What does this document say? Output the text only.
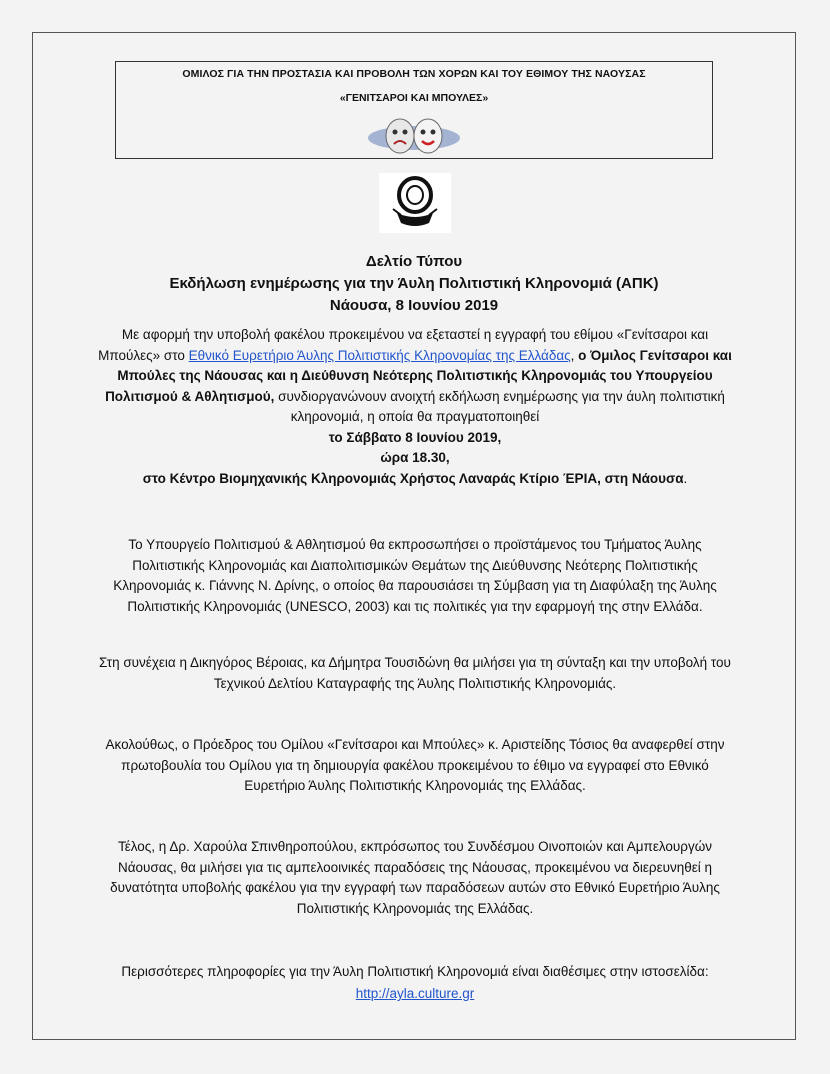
ΟΜΙΛΟΣ ΓΙΑ ΤΗΝ ΠΡΟΣΤΑΣΙΑ ΚΑΙ ΠΡΟΒΟΛΗ ΤΩΝ ΧΟΡΩΝ ΚΑΙ ΤΟΥ ΕΘΙΜΟΥ ΤΗΣ ΝΑΟΥΣΑΣ
«ΓΕΝΙΤΣΑΡΟΙ ΚΑΙ ΜΠΟΥΛΕΣ»
Δελτίο Τύπου
Εκδήλωση ενημέρωσης για την Άυλη Πολιτιστική Κληρονομιά (ΑΠΚ)
Νάουσα, 8 Ιουνίου 2019
Με αφορμή την υποβολή φακέλου προκειμένου να εξεταστεί η εγγραφή του εθίμου «Γενίτσαροι και Μπούλες» στο Εθνικό Ευρετήριο Άυλης Πολιτιστικής Κληρονομίας της Ελλάδας, ο Όμιλος Γενίτσαροι και Μπούλες της Νάουσας και η Διεύθυνση Νεότερης Πολιτιστικής Κληρονομιάς του Υπουργείου Πολιτισμού & Αθλητισμού, συνδιοργανώνουν ανοιχτή εκδήλωση ενημέρωσης για την άυλη πολιτιστική κληρονομιά, η οποία θα πραγματοποιηθεί
το Σάββατο 8 Ιουνίου 2019,
ώρα 18.30,
στο Κέντρο Βιομηχανικής Κληρονομιάς Χρήστος Λαναράς Κτίριο ΈΡΙΑ, στη Νάουσα.
Το Υπουργείο Πολιτισμού & Αθλητισμού θα εκπροσωπήσει ο προϊστάμενος του Τμήματος Άυλης Πολιτιστικής Κληρονομιάς και Διαπολιτισμικών Θεμάτων της Διεύθυνσης Νεότερης Πολιτιστικής Κληρονομιάς κ. Γιάννης Ν. Δρίνης, ο οποίος θα παρουσιάσει τη Σύμβαση για τη Διαφύλαξη της Άυλης Πολιτιστικής Κληρονομιάς (UNESCO, 2003) και τις πολιτικές για την εφαρμογή της στην Ελλάδα.
Στη συνέχεια η Δικηγόρος Βέροιας, κα Δήμητρα Τουσιδώνη θα μιλήσει για τη σύνταξη και την υποβολή του Τεχνικού Δελτίου Καταγραφής της Άυλης Πολιτιστικής Κληρονομιάς.
Ακολούθως, ο Πρόεδρος του Ομίλου «Γενίτσαροι και Μπούλες» κ. Αριστείδης Τόσιος θα αναφερθεί στην πρωτοβουλία του Ομίλου για τη δημιουργία φακέλου προκειμένου το έθιμο να εγγραφεί στο Εθνικό Ευρετήριο Άυλης Πολιτιστικής Κληρονομιάς της Ελλάδας.
Τέλος, η Δρ. Χαρούλα Σπινθηροπούλου, εκπρόσωπος του Συνδέσμου Οινοποιών και Αμπελουργών Νάουσας, θα μιλήσει για τις αμπελοοινικές παραδόσεις της Νάουσας, προκειμένου να διερευνηθεί η δυνατότητα υποβολής φακέλου για την εγγραφή των παραδόσεων αυτών στο Εθνικό Ευρετήριο Άυλης Πολιτιστικής Κληρονομιάς της Ελλάδας.
Περισσότερες πληροφορίες για την Άυλη Πολιτιστική Κληρονομιά είναι διαθέσιμες στην ιστοσελίδα: http://ayla.culture.gr
